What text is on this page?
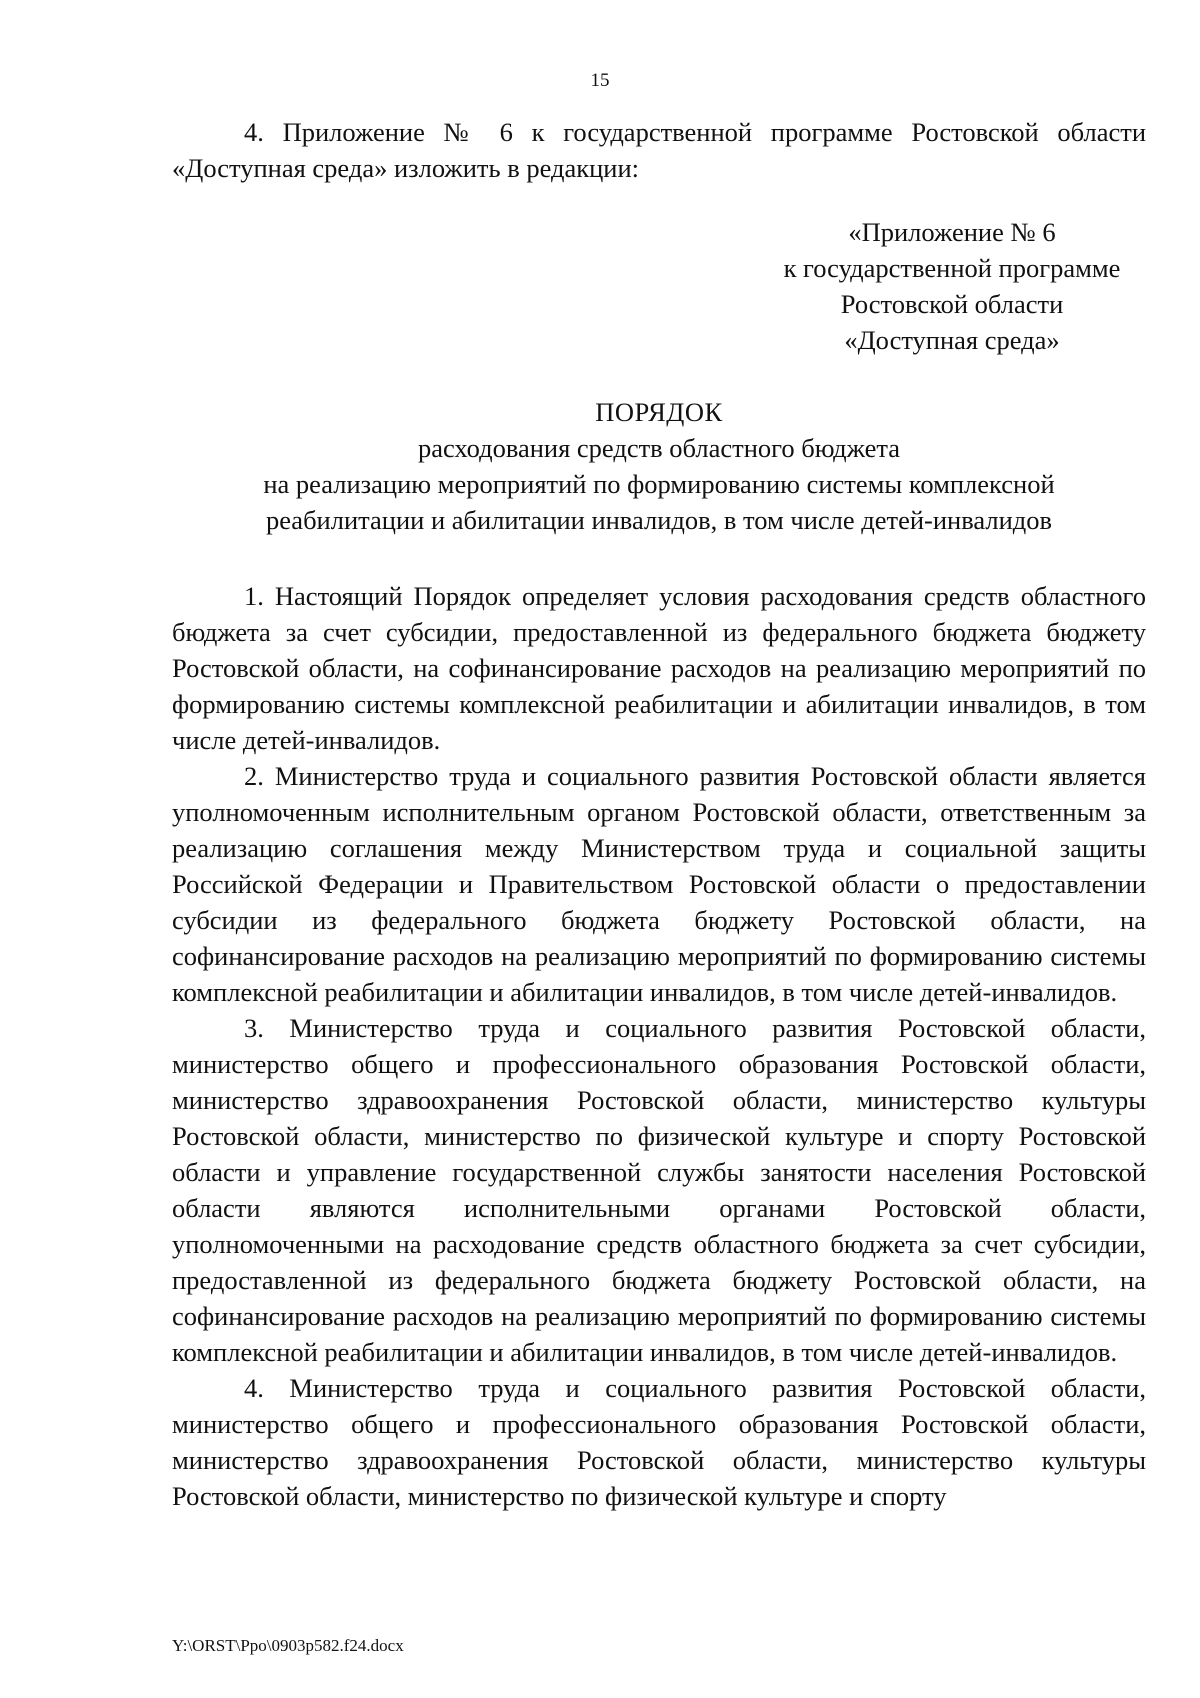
15

4. Приложение № 6 к государственной программе Ростовской области «Доступная среда» изложить в редакции:

«Приложение № 6
к государственной программе
Ростовской области
«Доступная среда»
ПОРЯДОК
расходования средств областного бюджета
на реализацию мероприятий по формированию системы комплексной
реабилитации и абилитации инвалидов, в том числе детей-инвалидов

1. Настоящий Порядок определяет условия расходования средств областного бюджета за счет субсидии, предоставленной из федерального бюджета бюджету Ростовской области, на софинансирование расходов на реализацию мероприятий по формированию системы комплексной реабилитации и абилитации инвалидов, в том числе детей-инвалидов.

2. Министерство труда и социального развития Ростовской области является уполномоченным исполнительным органом Ростовской области, ответственным за реализацию соглашения между Министерством труда и социальной защиты Российской Федерации и Правительством Ростовской области о предоставлении субсидии из федерального бюджета бюджету Ростовской области, на софинансирование расходов на реализацию мероприятий по формированию системы комплексной реабилитации и абилитации инвалидов, в том числе детей-инвалидов.

3. Министерство труда и социального развития Ростовской области, министерство общего и профессионального образования Ростовской области, министерство здравоохранения Ростовской области, министерство культуры Ростовской области, министерство по физической культуре и спорту Ростовской области и управление государственной службы занятости населения Ростовской области являются исполнительными органами Ростовской области, уполномоченными на расходование средств областного бюджета за счет субсидии, предоставленной из федерального бюджета бюджету Ростовской области, на софинансирование расходов на реализацию мероприятий по формированию системы комплексной реабилитации и абилитации инвалидов, в том числе детей-инвалидов.

4. Министерство труда и социального развития Ростовской области, министерство общего и профессионального образования Ростовской области, министерство здравоохранения Ростовской области, министерство культуры Ростовской области, министерство по физической культуре и спорту

Y:\ORST\Ppo\0903p582.f24.docx
